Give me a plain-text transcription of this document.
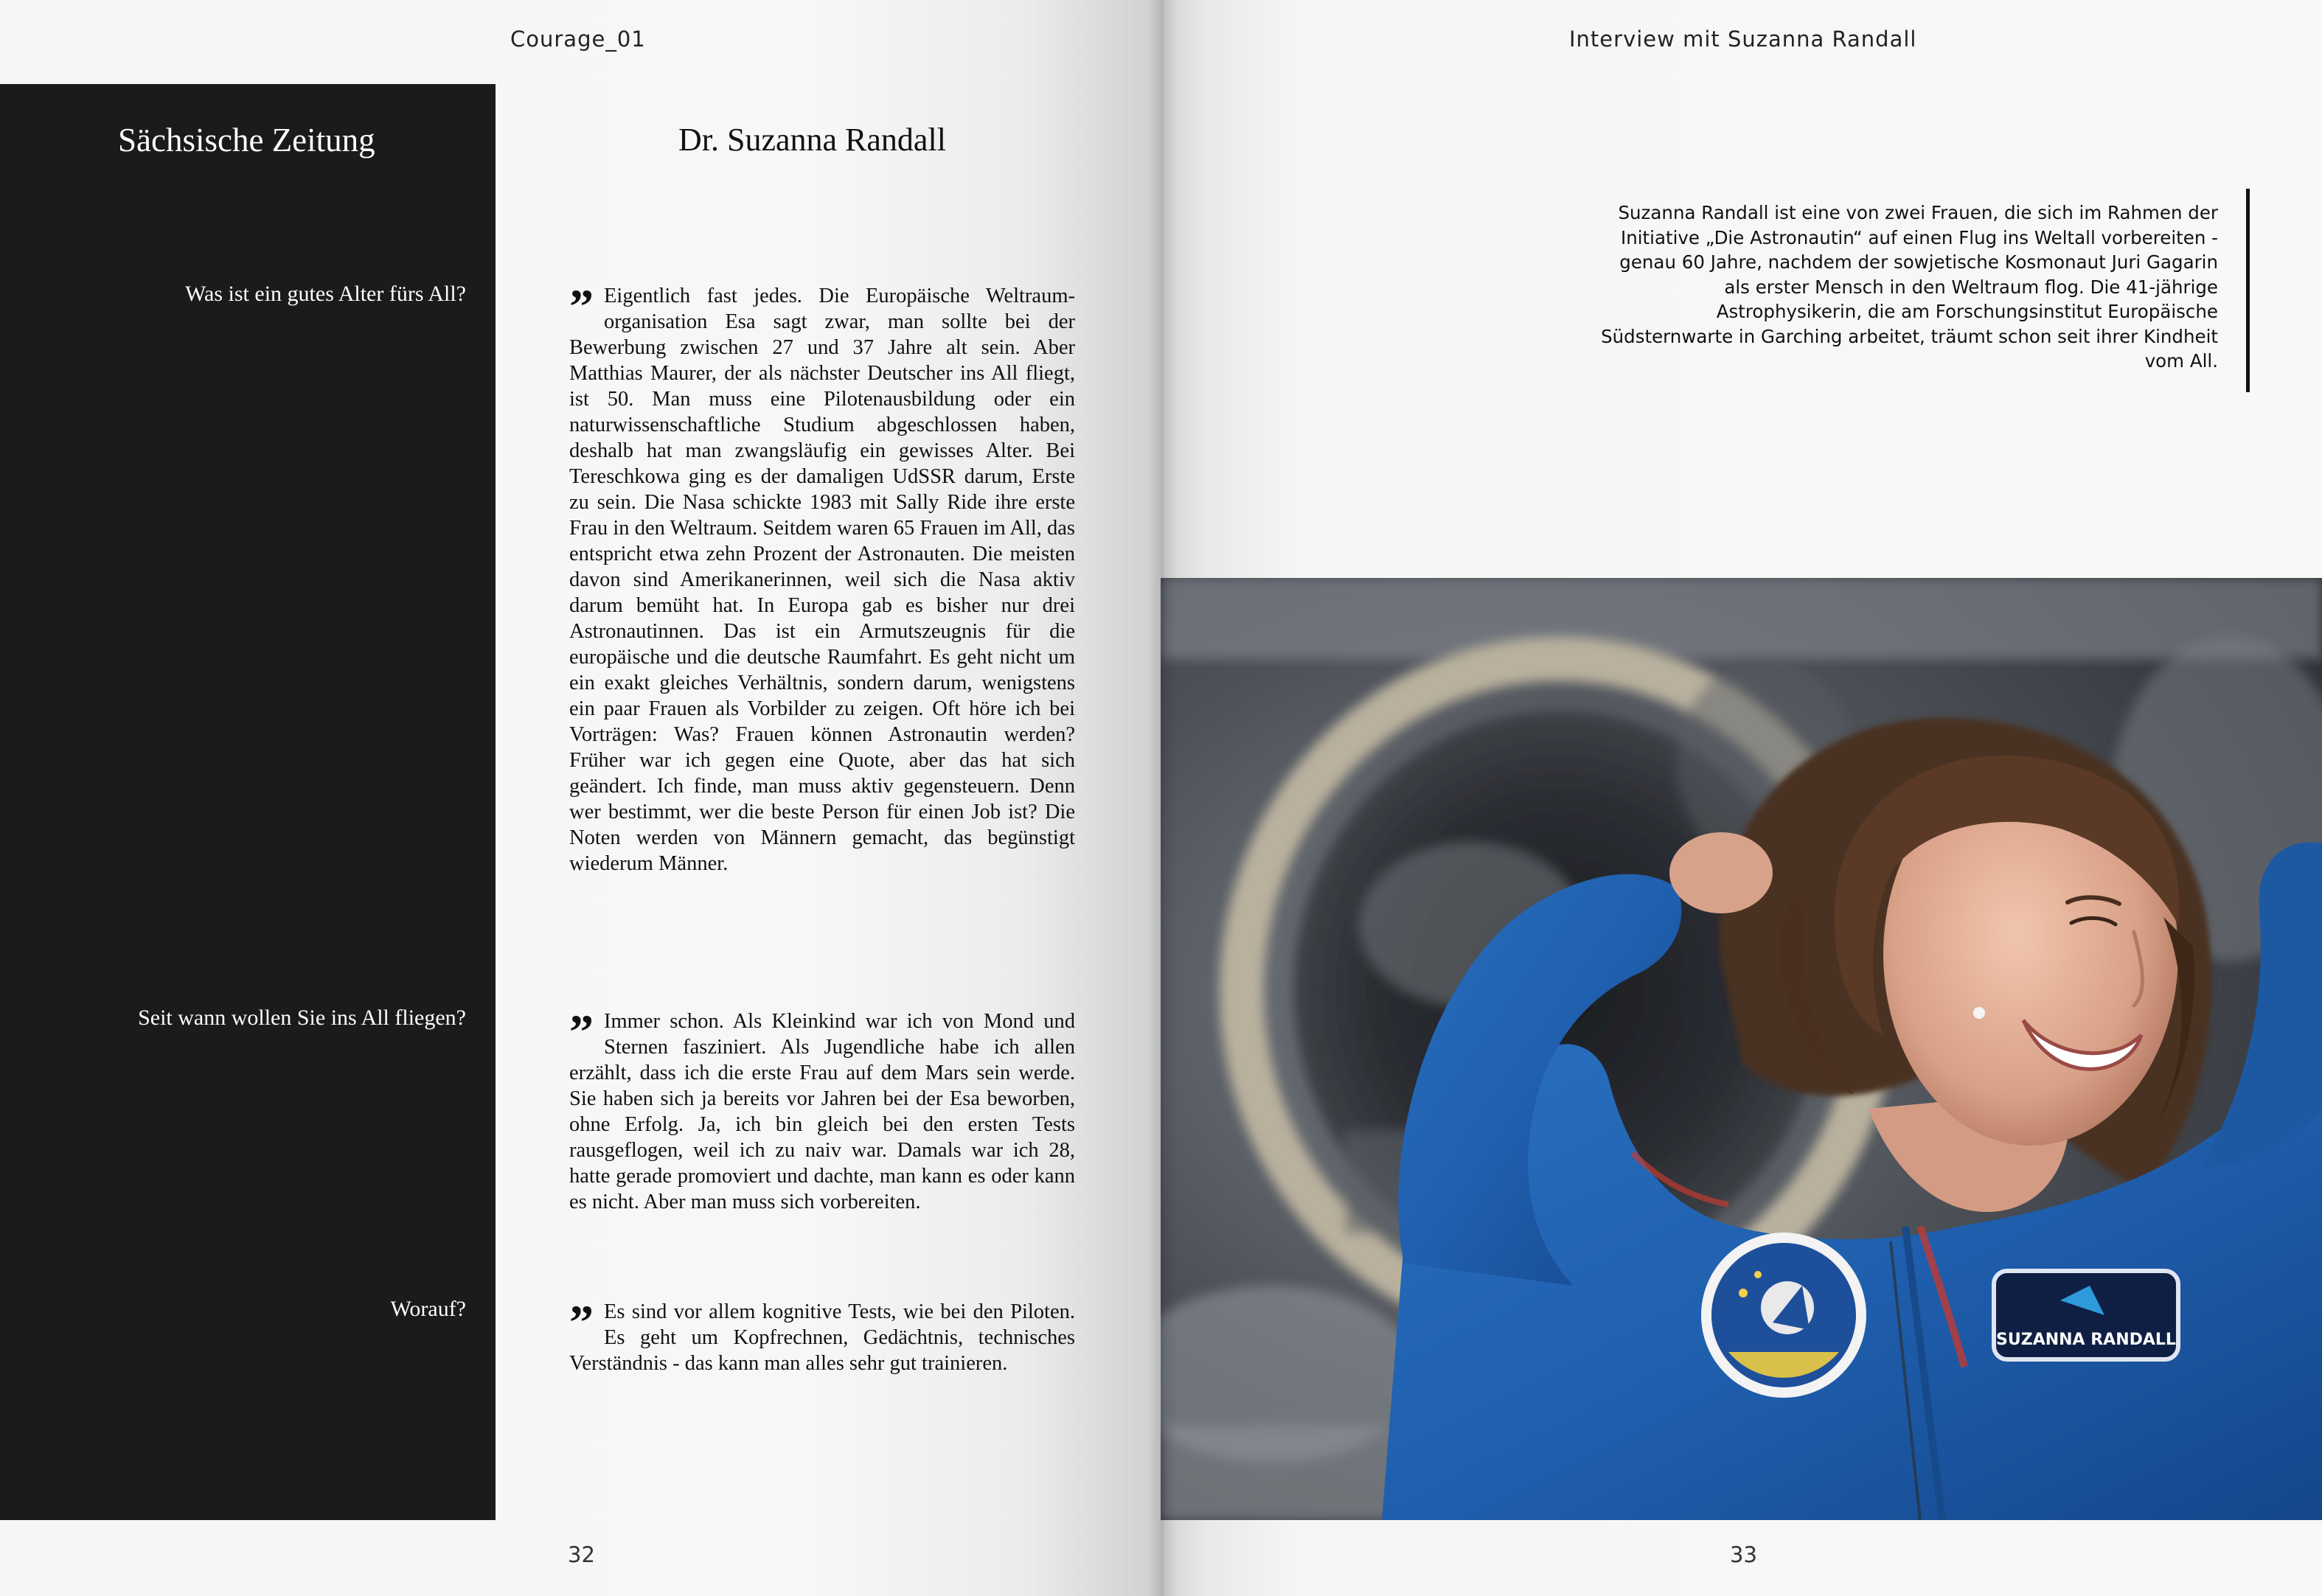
Courage_01
Sächsische Zeitung
Was ist ein gutes Alter fürs All?
Seit wann wollen Sie ins All fliegen?
Worauf?
Dr. Suzanna Randall
” Eigentlich fast jedes. Die Europäische Weltraum-organisation Esa sagt zwar, man sollte bei der Bewerbung zwischen 27 und 37 Jahre alt sein. Aber Matthias Maurer, der als nächster Deutscher ins All fliegt, ist 50. Man muss eine Pilotenausbildung oder ein naturwissenschaftliche Studium abgeschlossen haben, deshalb hat man zwangsläufig ein gewisses Alter. Bei Tereschkowa ging es der damaligen UdSSR darum, Erste zu sein. Die Nasa schickte 1983 mit Sally Ride ihre erste Frau in den Weltraum. Seitdem waren 65 Frauen im All, das entspricht etwa zehn Prozent der Astronauten. Die meisten davon sind Amerikanerinnen, weil sich die Nasa aktiv darum bemüht hat. In Europa gab es bisher nur drei Astronautinnen. Das ist ein Armutszeugnis für die europäische und die deutsche Raumfahrt. Es geht nicht um ein exakt gleiches Verhältnis, sondern darum, wenigstens ein paar Frauen als Vorbilder zu zeigen. Oft höre ich bei Vorträgen: Was? Frauen können Astronautin werden? Früher war ich gegen eine Quote, aber das hat sich geändert. Ich finde, man muss aktiv gegensteuern. Denn wer bestimmt, wer die beste Person für einen Job ist? Die Noten werden von Männern gemacht, das begünstigt wiederum Männer.
” Immer schon. Als Kleinkind war ich von Mond und Sternen fasziniert. Als Jugendliche habe ich allen erzählt, dass ich die erste Frau auf dem Mars sein werde. Sie haben sich ja bereits vor Jahren bei der Esa beworben, ohne Erfolg. Ja, ich bin gleich bei den ersten Tests rausgeflogen, weil ich zu naiv war. Damals war ich 28, hatte gerade promoviert und dachte, man kann es oder kann es nicht. Aber man muss sich vorbereiten.
” Es sind vor allem kognitive Tests, wie bei den Piloten. Es geht um Kopfrechnen, Gedächtnis, technisches Verständnis - das kann man alles sehr gut trainieren.
32
Interview mit Suzanna Randall
Suzanna Randall ist eine von zwei Frauen, die sich im Rahmen der Initiative „Die Astronautin“ auf einen Flug ins Weltall vorbereiten - genau 60 Jahre, nachdem der sowjetische Kosmonaut Juri Gagarin als erster Mensch in den Weltraum flog. Die 41-jährige Astrophysikerin, die am Forschungsinstitut Europäische Südsternwarte in Garching arbeitet, träumt schon seit ihrer Kindheit vom All.
33
SUZANNA RANDALL
